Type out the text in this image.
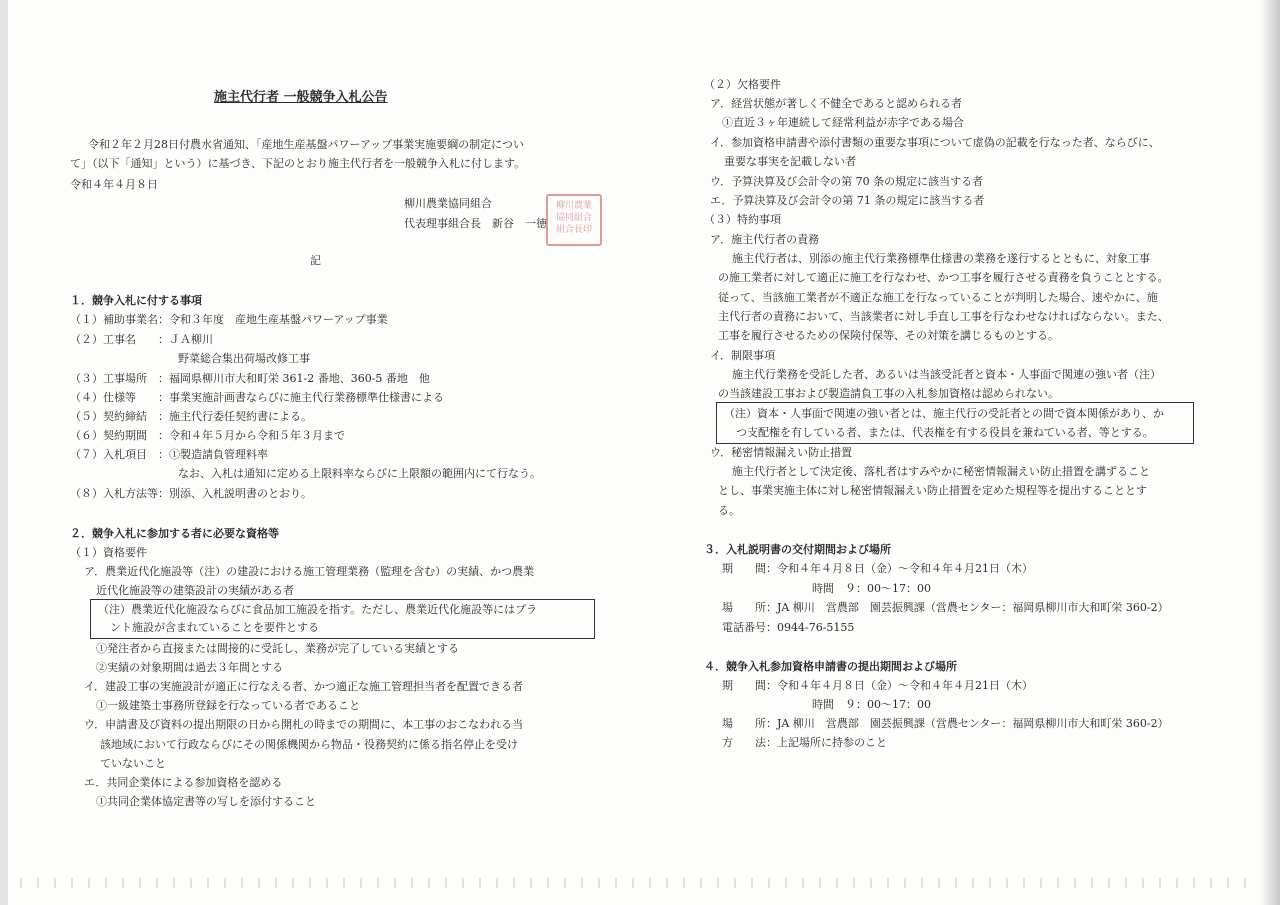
施主代行者 一般競争入札公告
令和２年２月28日付農水省通知、「産地生産基盤パワーアップ事業実施要綱の制定につい
て」（以下「通知」という）に基づき、下記のとおり施主代行者を一般競争入札に付します。
令和４年４月８日
柳川農業協同組合
代表理事組合長　新谷　一徳
柳川農業
協同組合
組合長印
記
１．競争入札に付する事項
（１）補助事業名：令和３年度　産地生産基盤パワーアップ事業
（２）工事名　　：ＪＡ柳川
野菜総合集出荷場改修工事
（３）工事場所　：福岡県柳川市大和町栄 361-2 番地、360-5 番地　他
（４）仕様等　　：事業実施計画書ならびに施主代行業務標準仕様書による
（５）契約締結　：施主代行委任契約書による。
（６）契約期間　：令和４年５月から令和５年３月まで
（７）入札項目　：①製造請負管理料率
なお、入札は通知に定める上限料率ならびに上限額の範囲内にて行なう。
（８）入札方法等：別添、入札説明書のとおり。
２．競争入札に参加する者に必要な資格等
（１）資格要件
ア．農業近代化施設等（注）の建設における施工管理業務（監理を含む）の実績、かつ農業
近代化施設等の建築設計の実績がある者
（注）農業近代化施設ならびに食品加工施設を指す。ただし、農業近代化施設等にはプラ
ント施設が含まれていることを要件とする
①発注者から直接または間接的に受託し、業務が完了している実績とする
②実績の対象期間は過去３年間とする
イ．建設工事の実施設計が適正に行なえる者、かつ適正な施工管理担当者を配置できる者
①一級建築士事務所登録を行なっている者であること
ウ．申請書及び資料の提出期限の日から開札の時までの期間に、本工事のおこなわれる当
該地域において行政ならびにその関係機関から物品・役務契約に係る指名停止を受け
ていないこと
エ．共同企業体による参加資格を認める
①共同企業体協定書等の写しを添付すること
（２）欠格要件
ア．経営状態が著しく不健全であると認められる者
①直近３ヶ年連続して経常利益が赤字である場合
イ．参加資格申請書や添付書類の重要な事項について虚偽の記載を行なった者、ならびに、
重要な事実を記載しない者
ウ．予算決算及び会計令の第 70 条の規定に該当する者
エ．予算決算及び会計令の第 71 条の規定に該当する者
（３）特約事項
ア．施主代行者の責務
施主代行者は、別添の施主代行業務標準仕様書の業務を遂行するとともに、対象工事
の施工業者に対して適正に施工を行なわせ、かつ工事を履行させる責務を負うこととする。
従って、当該施工業者が不適正な施工を行なっていることが判明した場合、速やかに、施
主代行者の責務において、当該業者に対し手直し工事を行なわせなければならない。また、
工事を履行させるための保険付保等、その対策を講じるものとする。
イ．制限事項
施主代行業務を受託した者、あるいは当該受託者と資本・人事面で関連の強い者（注）
の当該建設工事および製造請負工事の入札参加資格は認められない。
（注）資本・人事面で関連の強い者とは、施主代行の受託者との間で資本関係があり、か
つ支配権を有している者、または、代表権を有する役員を兼ねている者、等とする。
ウ．秘密情報漏えい防止措置
施主代行者として決定後、落札者はすみやかに秘密情報漏えい防止措置を講ずること
とし、事業実施主体に対し秘密情報漏えい防止措置を定めた規程等を提出することとす
る。
３．入札説明書の交付期間および場所
期　　間：令和４年４月８日（金）～令和４年４月21日（木）
時間　９：00～17：00
場　　所：JA 柳川　営農部　園芸振興課（営農センター：福岡県柳川市大和町栄 360-2）
電話番号：0944-76-5155
４．競争入札参加資格申請書の提出期間および場所
期　　間：令和４年４月８日（金）～令和４年４月21日（木）
時間　９：00～17：00
場　　所：JA 柳川　営農部　園芸振興課（営農センター：福岡県柳川市大和町栄 360-2）
方　　法：上記場所に持参のこと
